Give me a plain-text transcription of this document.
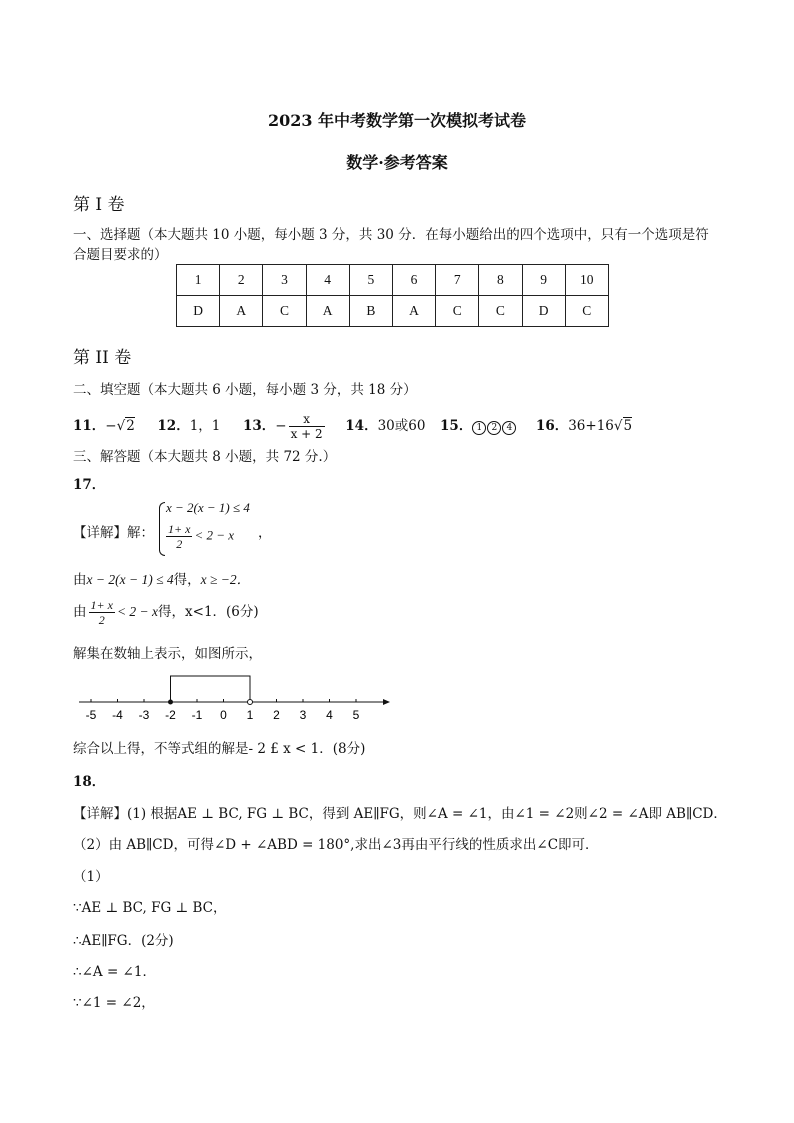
2023 年中考数学第一次模拟考试卷
数学·参考答案
第 I 卷
一、选择题（本大题共 10 小题，每小题 3 分，共 30 分．在每小题给出的四个选项中，只有一个选项是符
合题目要求的）
1	2	3	4	5	6	7	8	9	10
D	A	C	A	B	A	C	C	D	C
第 II 卷
二、填空题（本大题共 6 小题，每小题 3 分，共 18 分）
11．−√2 12．1，1 13．− $\frac{x}{x + 2} 14$．30或60 15． 1 2 4 16．36+16√5
三、解答题（本大题共 8 小题，共 72 分.）
17．
【详解】解：
x − 2(x − 1) ≤ 4
$\frac{1+ x}{2} < 2 - x$ ，
由x − 2(x − 1) ≤ 4得，x ≥ −2．
由 $\frac{1+ x}{2} < 2 - x$得，x<1．(6分)
解集在数轴上表示，如图所示，
-5 -4 -3 -2 -1 0 1 2 3 4 5
综合以上得，不等式组的解是- 2 £ x < 1．(8分)
18．
【详解】(1) 根据AE ⊥ BC, FG ⊥ BC，得到 AE∥FG，则∠A = ∠1，由∠1 = ∠2则∠2 = ∠A即 AB∥CD．
（2）由 AB∥CD，可得∠D + ∠ABD = 180°,求出∠3再由平行线的性质求出∠C即可．
（1）
∵AE ⊥ BC, FG ⊥ BC，
∴AE∥FG．(2分)
∴∠A = ∠1．
∵∠1 = ∠2，
